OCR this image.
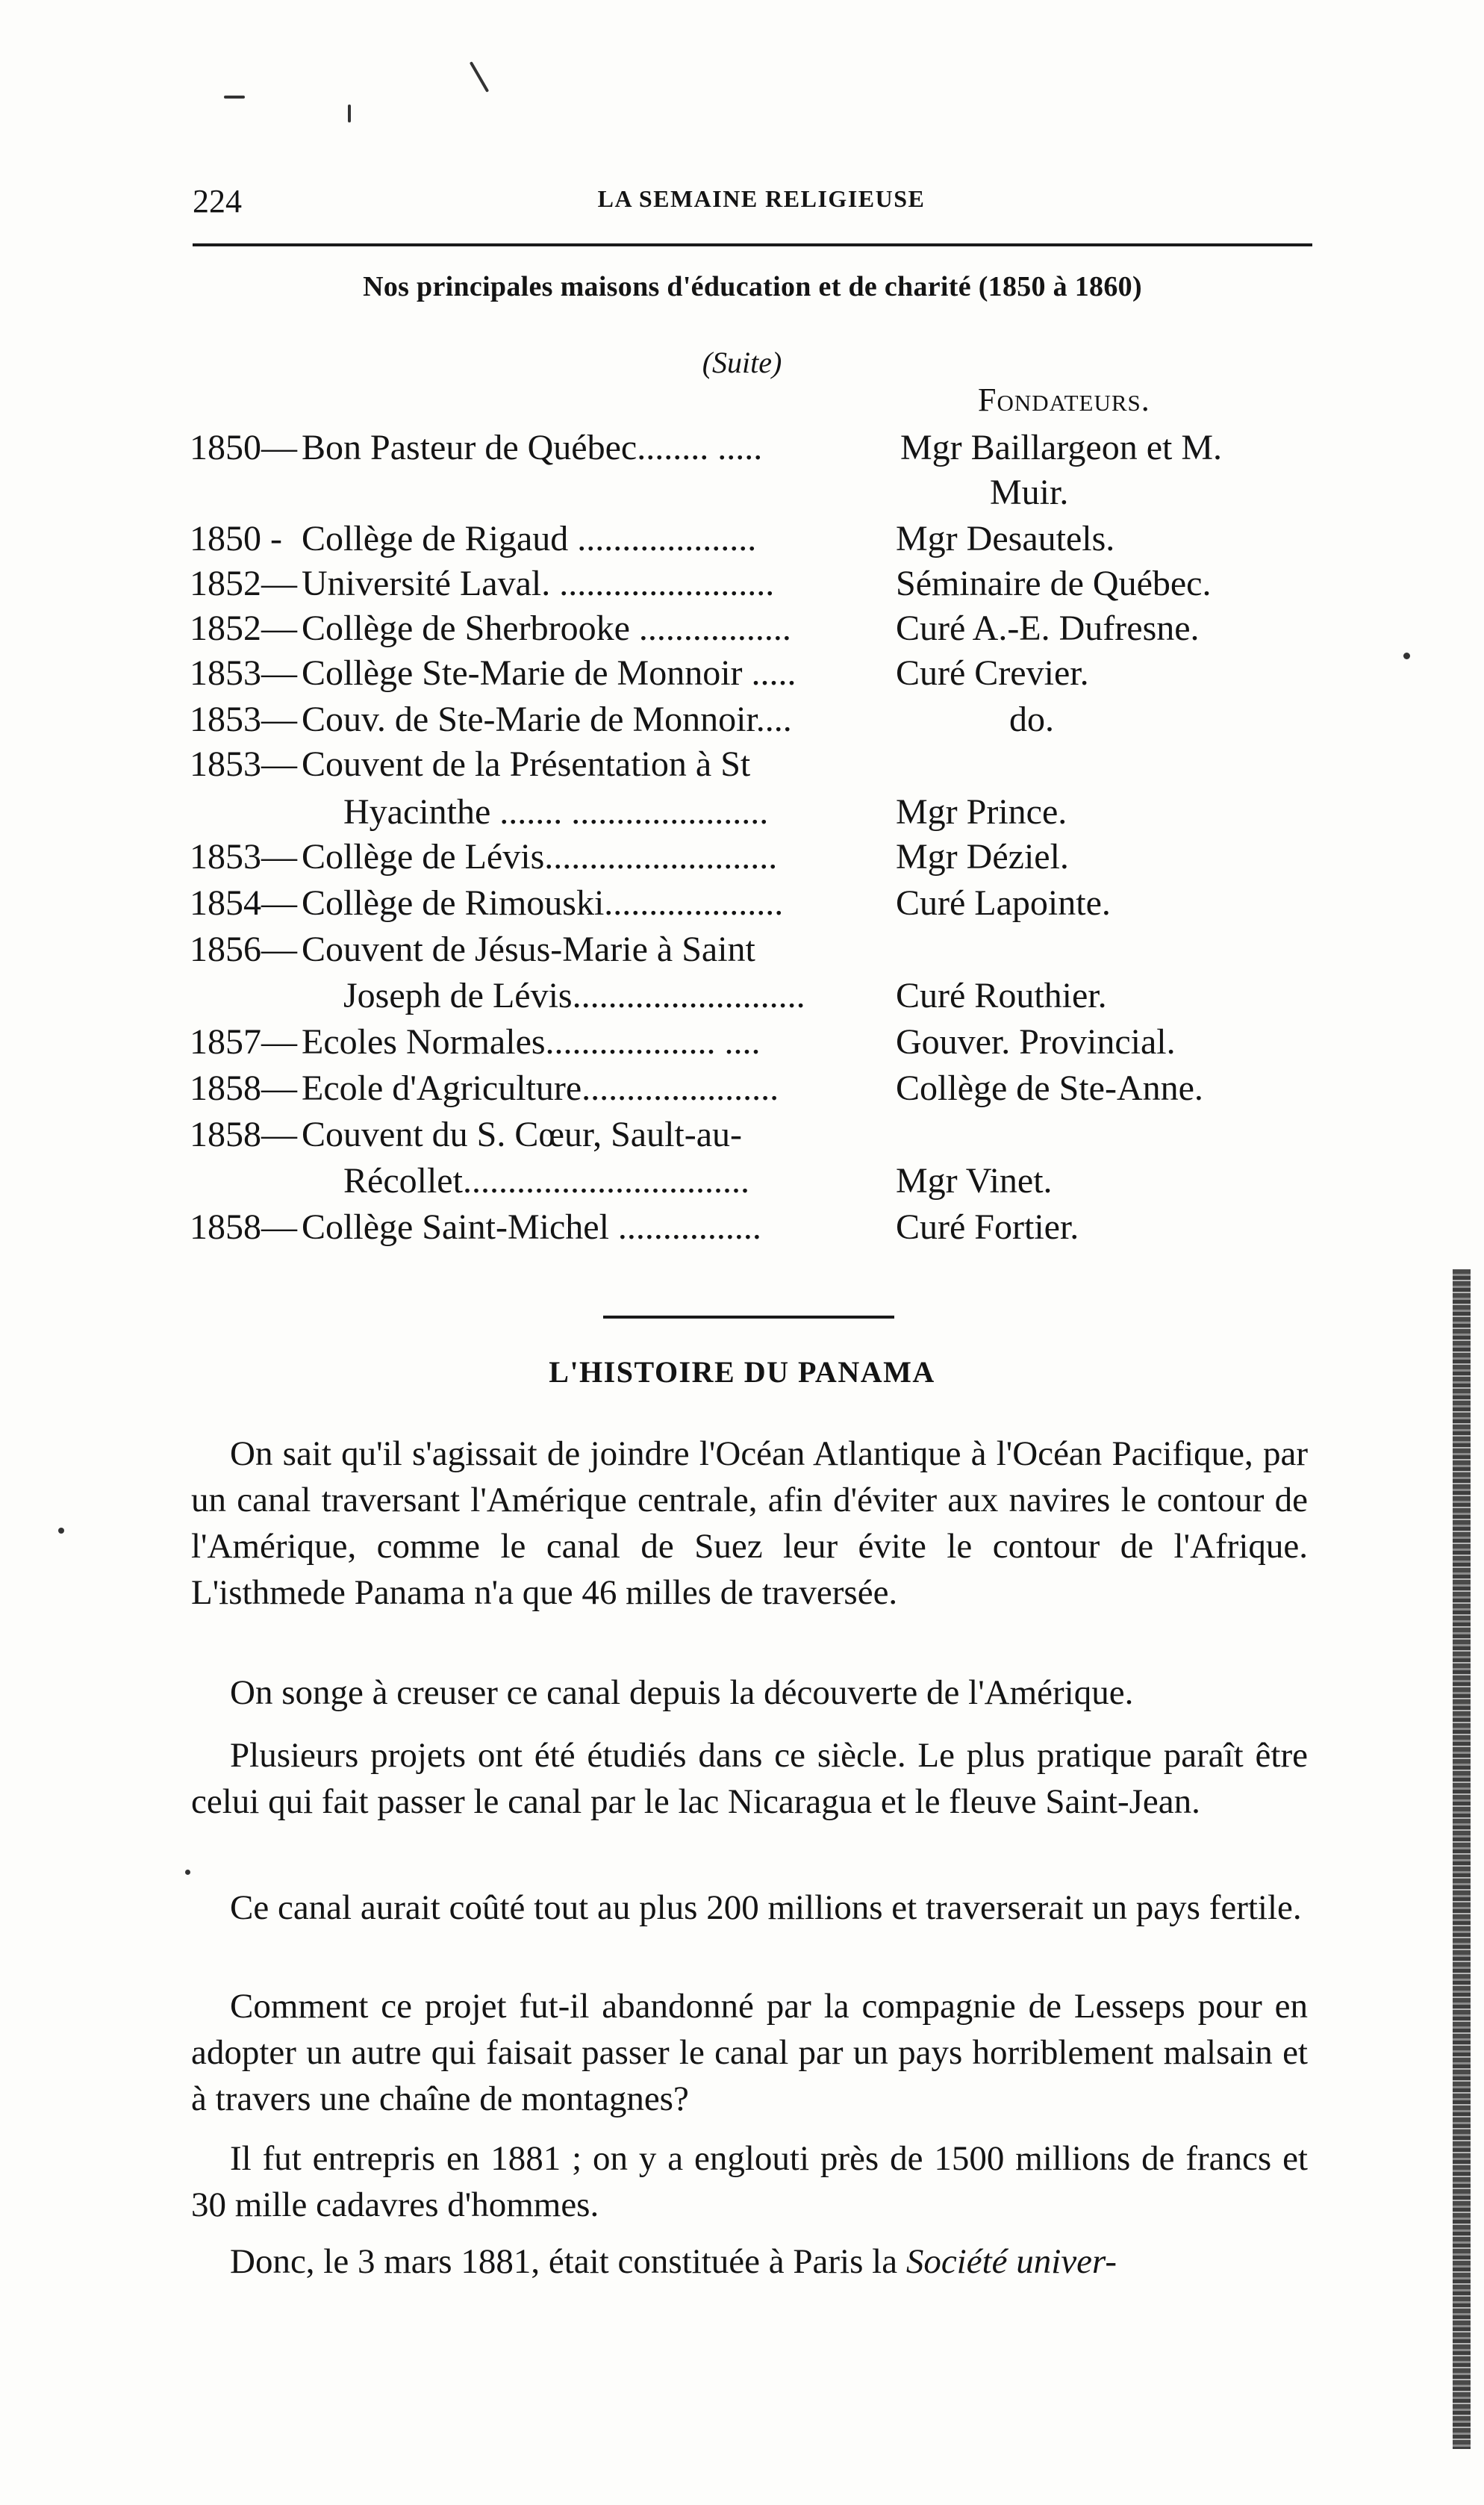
224	LA SEMAINE RELIGIEUSE
Nos principales maisons d'éducation et de charité (1850 à 1860)
(Suite)
Fondateurs.
1850— Bon Pasteur de Québec........ .....	Mgr Baillargeon et M.
Muir.
1850 - Collège de Rigaud ....................	Mgr Desautels.
1852— Université Laval. ........................	Séminaire de Québec.
1852— Collège de Sherbrooke .................	Curé A.-E. Dufresne.
1853— Collège Ste-Marie de Monnoir .....	Curé Crevier.
1853— Couv. de Ste-Marie de Monnoir....	do.
1853— Couvent de la Présentation à St
Hyacinthe ....... ......................	Mgr Prince.
1853— Collège de Lévis..........................	Mgr Déziel.
1854— Collège de Rimouski....................	Curé Lapointe.
1856— Couvent de Jésus-Marie à Saint
Joseph de Lévis..........................	Curé Routhier.
1857— Ecoles Normales................... ....	Gouver. Provincial.
1858— Ecole d'Agriculture......................	Collège de Ste-Anne.
1858— Couvent du S. Cœur, Sault-au-
Récollet................................	Mgr Vinet.
1858— Collège Saint-Michel ................	Curé Fortier.
L'HISTOIRE DU PANAMA

On sait qu'il s'agissait de joindre l'Océan Atlantique à l'Océan Pacifique, par un canal traversant l'Amérique centrale, afin d'éviter aux navires le contour de l'Amérique, comme le canal de Suez leur évite le contour de l'Afrique. L'isthmede Panama n'a que 46 milles de traversée.

On songe à creuser ce canal depuis la découverte de l'Amérique.

Plusieurs projets ont été étudiés dans ce siècle. Le plus pratique paraît être celui qui fait passer le canal par le lac Nicaragua et le fleuve Saint-Jean.

Ce canal aurait coûté tout au plus 200 millions et traverserait un pays fertile.

Comment ce projet fut-il abandonné par la compagnie de Lesseps pour en adopter un autre qui faisait passer le canal par un pays horriblement malsain et à travers une chaîne de montagnes?

Il fut entrepris en 1881 ; on y a englouti près de 1500 millions de francs et 30 mille cadavres d'hommes.

Donc, le 3 mars 1881, était constituée à Paris la Société univer-
